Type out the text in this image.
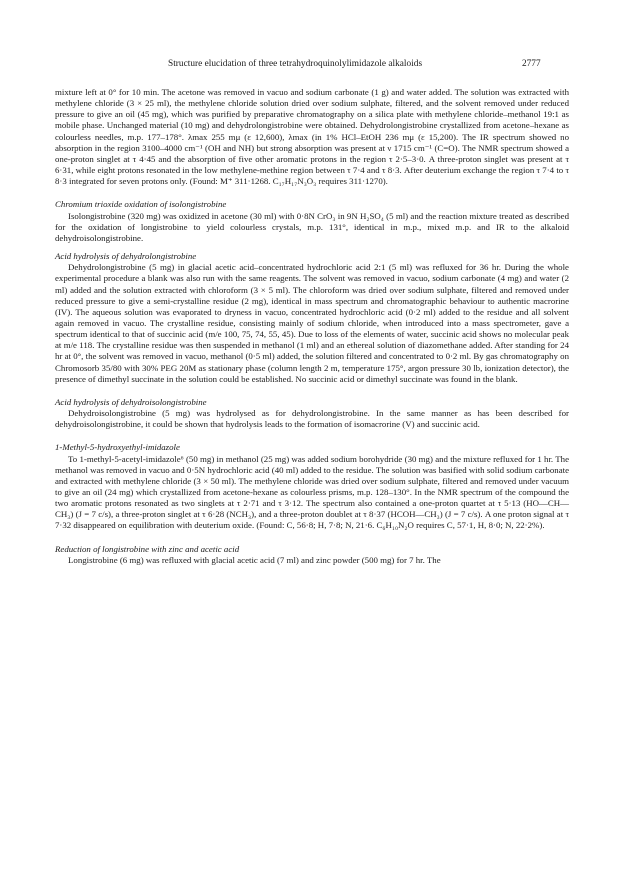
Structure elucidation of three tetrahydroquinolylimidazole alkaloids	2777

mixture left at 0° for 10 min. The acetone was removed in vacuo and sodium carbonate (1 g) and water added. The solution was extracted with methylene chloride (3 × 25 ml), the methylene chloride solution dried over sodium sulphate, filtered, and the solvent removed under reduced pressure to give an oil (45 mg), which was purified by preparative chromatography on a silica plate with methylene chloride–methanol 19:1 as mobile phase. Unchanged material (10 mg) and dehydrolongistrobine were obtained. Dehydrolongistrobine crystallized from acetone–hexane as colourless needles, m.p. 177–178°. λmax 255 mμ (ε 12,600), λmax (in 1% HCl–EtOH 236 mμ (ε 15,200). The IR spectrum showed no absorption in the region 3100–4000 cm⁻¹ (OH and NH) but strong absorption was present at ν 1715 cm⁻¹ (C=O). The NMR spectrum showed a one-proton singlet at τ 4·45 and the absorption of five other aromatic protons in the region τ 2·5–3·0. A three-proton singlet was present at τ 6·31, while eight protons resonated in the low methylene-methine region between τ 7·4 and τ 8·3. After deuterium exchange the region τ 7·4 to τ 8·3 integrated for seven protons only. (Found: M⁺ 311·1268. C₁₇H₁₇N₃O₃ requires 311·1270).

Chromium trioxide oxidation of isolongistrobine

Isolongistrobine (320 mg) was oxidized in acetone (30 ml) with 0·8N CrO₃ in 9N H₂SO₄ (5 ml) and the reaction mixture treated as described for the oxidation of longistrobine to yield colourless crystals, m.p. 131°, identical in m.p., mixed m.p. and IR to the alkaloid dehydroisolongistrobine.

Acid hydrolysis of dehydrolongistrobine

Dehydrolongistrobine (5 mg) in glacial acetic acid–concentrated hydrochloric acid 2:1 (5 ml) was refluxed for 36 hr. During the whole experimental procedure a blank was also run with the same reagents. The solvent was removed in vacuo, sodium carbonate (4 mg) and water (2 ml) added and the solution extracted with chloroform (3 × 5 ml). The chloroform was dried over sodium sulphate, filtered and removed under reduced pressure to give a semi-crystalline residue (2 mg), identical in mass spectrum and chromatographic behaviour to authentic macrorine (IV). The aqueous solution was evaporated to dryness in vacuo, concentrated hydrochloric acid (0·2 ml) added to the residue and all solvent again removed in vacuo. The crystalline residue, consisting mainly of sodium chloride, when introduced into a mass spectrometer, gave a spectrum identical to that of succinic acid (m/e 100, 75, 74, 55, 45). Due to loss of the elements of water, succinic acid shows no molecular peak at m/e 118. The crystalline residue was then suspended in methanol (1 ml) and an ethereal solution of diazomethane added. After standing for 24 hr at 0°, the solvent was removed in vacuo, methanol (0·5 ml) added, the solution filtered and concentrated to 0·2 ml. By gas chromatography on Chromosorb 35/80 with 30% PEG 20M as stationary phase (column length 2 m, temperature 175°, argon pressure 30 lb, ionization detector), the presence of dimethyl succinate in the solution could be established. No succinic acid or dimethyl succinate was found in the blank.

Acid hydrolysis of dehydroisolongistrobine

Dehydroisolongistrobine (5 mg) was hydrolysed as for dehydrolongistrobine. In the same manner as has been described for dehydroisolongistrobine, it could be shown that hydrolysis leads to the formation of isomacrorine (V) and succinic acid.

1-Methyl-5-hydroxyethyl-imidazole

To 1-methyl-5-acetyl-imidazole⁶ (50 mg) in methanol (25 mg) was added sodium borohydride (30 mg) and the mixture refluxed for 1 hr. The methanol was removed in vacuo and 0·5N hydrochloric acid (40 ml) added to the residue. The solution was basified with solid sodium carbonate and extracted with methylene chloride (3 × 50 ml). The methylene chloride was dried over sodium sulphate, filtered and removed under vacuum to give an oil (24 mg) which crystallized from acetone-hexane as colourless prisms, m.p. 128–130°. In the NMR spectrum of the compound the two aromatic protons resonated as two singlets at τ 2·71 and τ 3·12. The spectrum also contained a one-proton quartet at τ 5·13 (HO—CH—CH₃) (J = 7 c/s), a three-proton singlet at τ 6·28 (NCH₃), and a three-proton doublet at τ 8·37 (HCOH—CH₃) (J = 7 c/s). A one proton signal at τ 7·32 disappeared on equilibration with deuterium oxide. (Found: C, 56·8; H, 7·8; N, 21·6. C₆H₁₀N₂O requires C, 57·1, H, 8·0; N, 22·2%).

Reduction of longistrobine with zinc and acetic acid

Longistrobine (6 mg) was refluxed with glacial acetic acid (7 ml) and zinc powder (500 mg) for 7 hr. The
